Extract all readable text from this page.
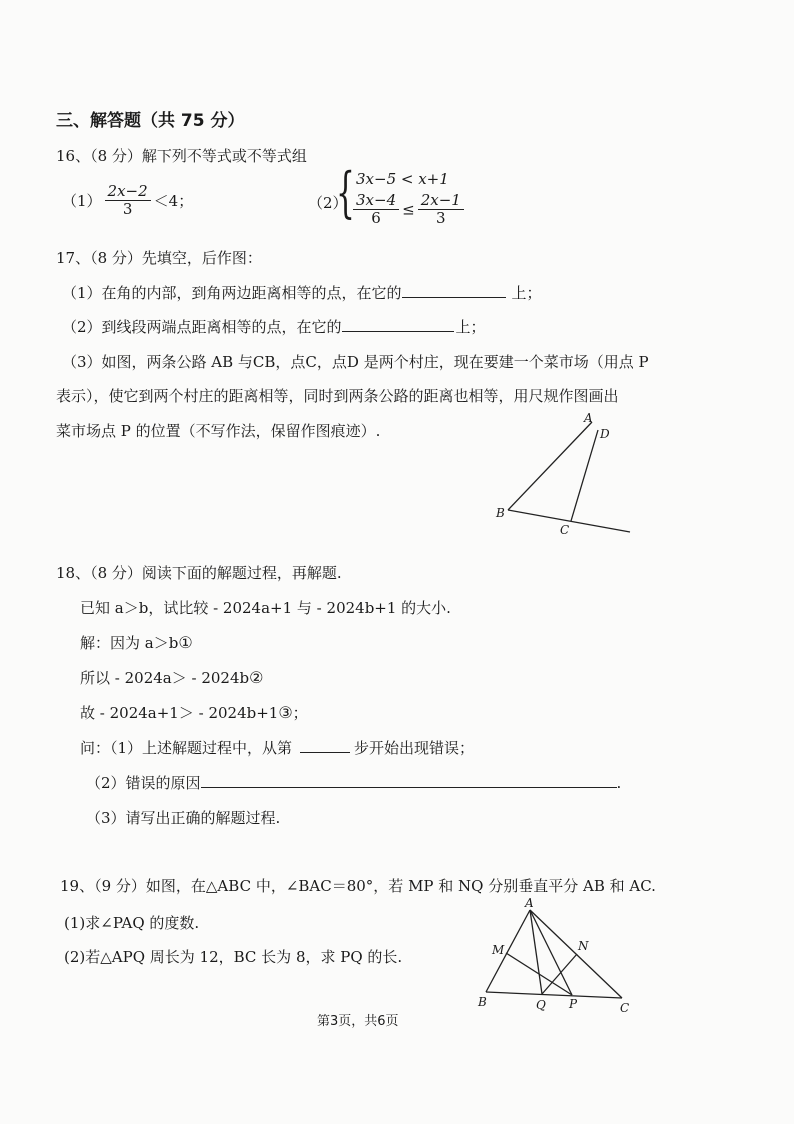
三、解答题（共 75 分）
16、（8 分）解下列不等式或不等式组
$(1) \frac{2x-2}{3} <4$；	（2）
{ 3x−5 < x+1
$\frac{3x-4}{6} \le \frac{2x-1}{3}$
17、（8 分）先填空，后作图：
（1）在角的内部，到角两边距离相等的点，在它的	上；
（2）到线段两端点距离相等的点，在它的	上；
（3）如图，两条公路 AB 与CB，点C，点D 是两个村庄，现在要建一个菜市场（用点 P
表示），使它到两个村庄的距离相等，同时到两条公路的距离也相等，用尺规作图画出
菜市场点 P 的位置（不写作法，保留作图痕迹）.
A
D
B
C
18、（8 分）阅读下面的解题过程，再解题.
已知 a＞b，试比较 - 2024a+1 与 - 2024b+1 的大小.
解：因为 a＞b①
所以 - 2024a＞ - 2024b②
故 - 2024a+1＞ - 2024b+1③；
问：（1）上述解题过程中，从第	步开始出现错误；
（2）错误的原因	.
（3）请写出正确的解题过程.
19、（9 分）如图，在△ABC 中，∠BAC＝80°，若 MP 和 NQ 分别垂直平分 AB 和 AC.
(1)求∠PAQ 的度数.
(2)若△APQ 周长为 12，BC 长为 8，求 PQ 的长.
A
M	N
B	Q P	C
第3页，共6页
